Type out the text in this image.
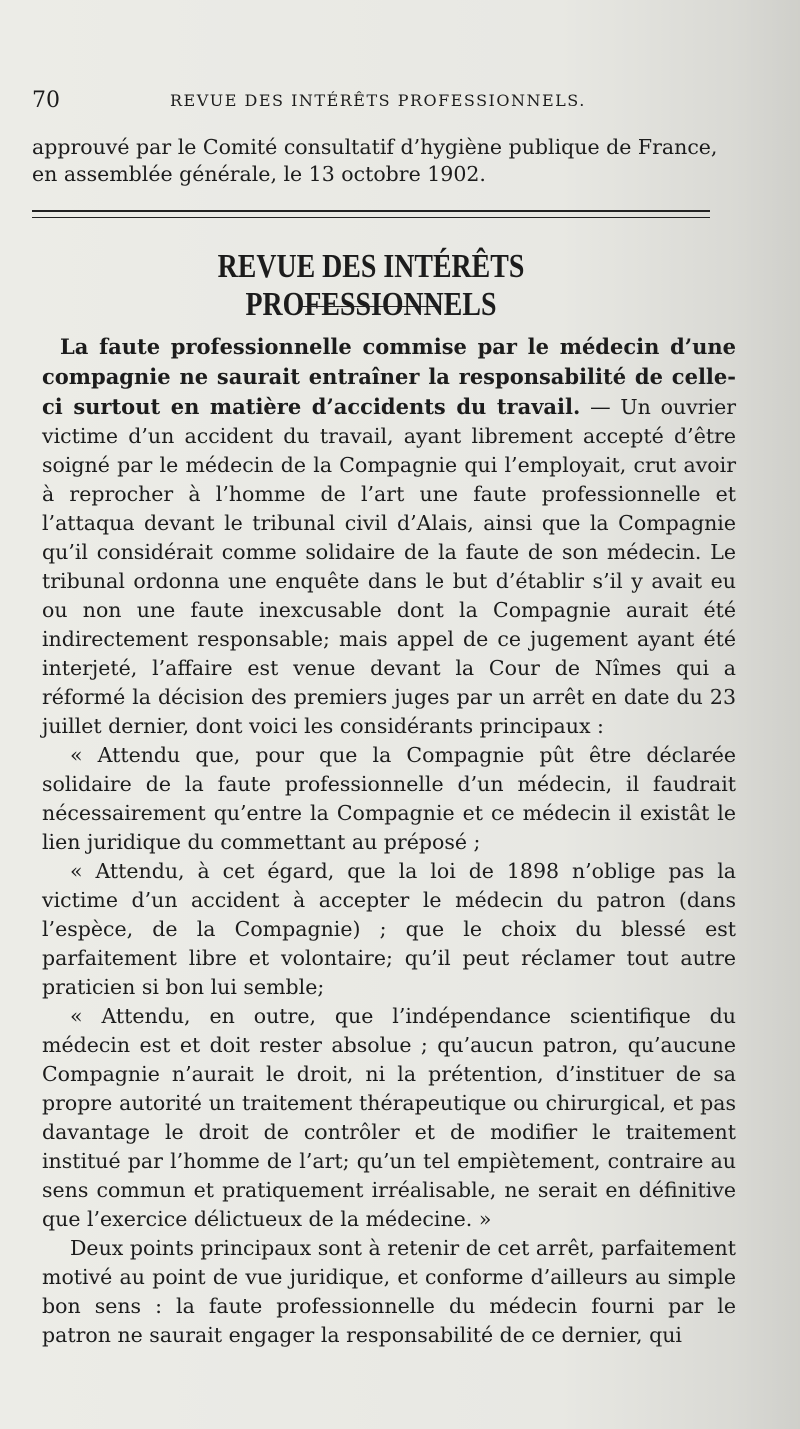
70	REVUE DES INTÉRÊTS PROFESSIONNELS.

approuvé par le Comité consultatif d’hygiène publique de France, en assemblée générale, le 13 octobre 1902.

REVUE DES INTÉRÊTS PROFESSIONNELS

La faute professionnelle commise par le médecin d’une compagnie ne saurait entraîner la responsabilité de celle-ci surtout en matière d’accidents du travail. — Un ouvrier victime d’un accident du travail, ayant librement accepté d’être soigné par le médecin de la Compagnie qui l’employait, crut avoir à reprocher à l’homme de l’art une faute professionnelle et l’attaqua devant le tribunal civil d’Alais, ainsi que la Compagnie qu’il considérait comme solidaire de la faute de son médecin. Le tribunal ordonna une enquête dans le but d’établir s’il y avait eu ou non une faute inexcusable dont la Compagnie aurait été indirectement responsable; mais appel de ce jugement ayant été interjeté, l’affaire est venue devant la Cour de Nîmes qui a réformé la décision des premiers juges par un arrêt en date du 23 juillet dernier, dont voici les considérants principaux :

« Attendu que, pour que la Compagnie pût être déclarée solidaire de la faute professionnelle d’un médecin, il faudrait nécessairement qu’entre la Compagnie et ce médecin il existât le lien juridique du commettant au préposé ;

« Attendu, à cet égard, que la loi de 1898 n’oblige pas la victime d’un accident à accepter le médecin du patron (dans l’espèce, de la Compagnie) ; que le choix du blessé est parfaitement libre et volontaire; qu’il peut réclamer tout autre praticien si bon lui semble;

« Attendu, en outre, que l’indépendance scientifique du médecin est et doit rester absolue ; qu’aucun patron, qu’aucune Compagnie n’aurait le droit, ni la prétention, d’instituer de sa propre autorité un traitement thérapeutique ou chirurgical, et pas davantage le droit de contrôler et de modifier le traitement institué par l’homme de l’art; qu’un tel empiètement, contraire au sens commun et pratiquement irréalisable, ne serait en définitive que l’exercice délictueux de la médecine. »

Deux points principaux sont à retenir de cet arrêt, parfaitement motivé au point de vue juridique, et conforme d’ailleurs au simple bon sens : la faute professionnelle du médecin fourni par le patron ne saurait engager la responsabilité de ce dernier, qui
